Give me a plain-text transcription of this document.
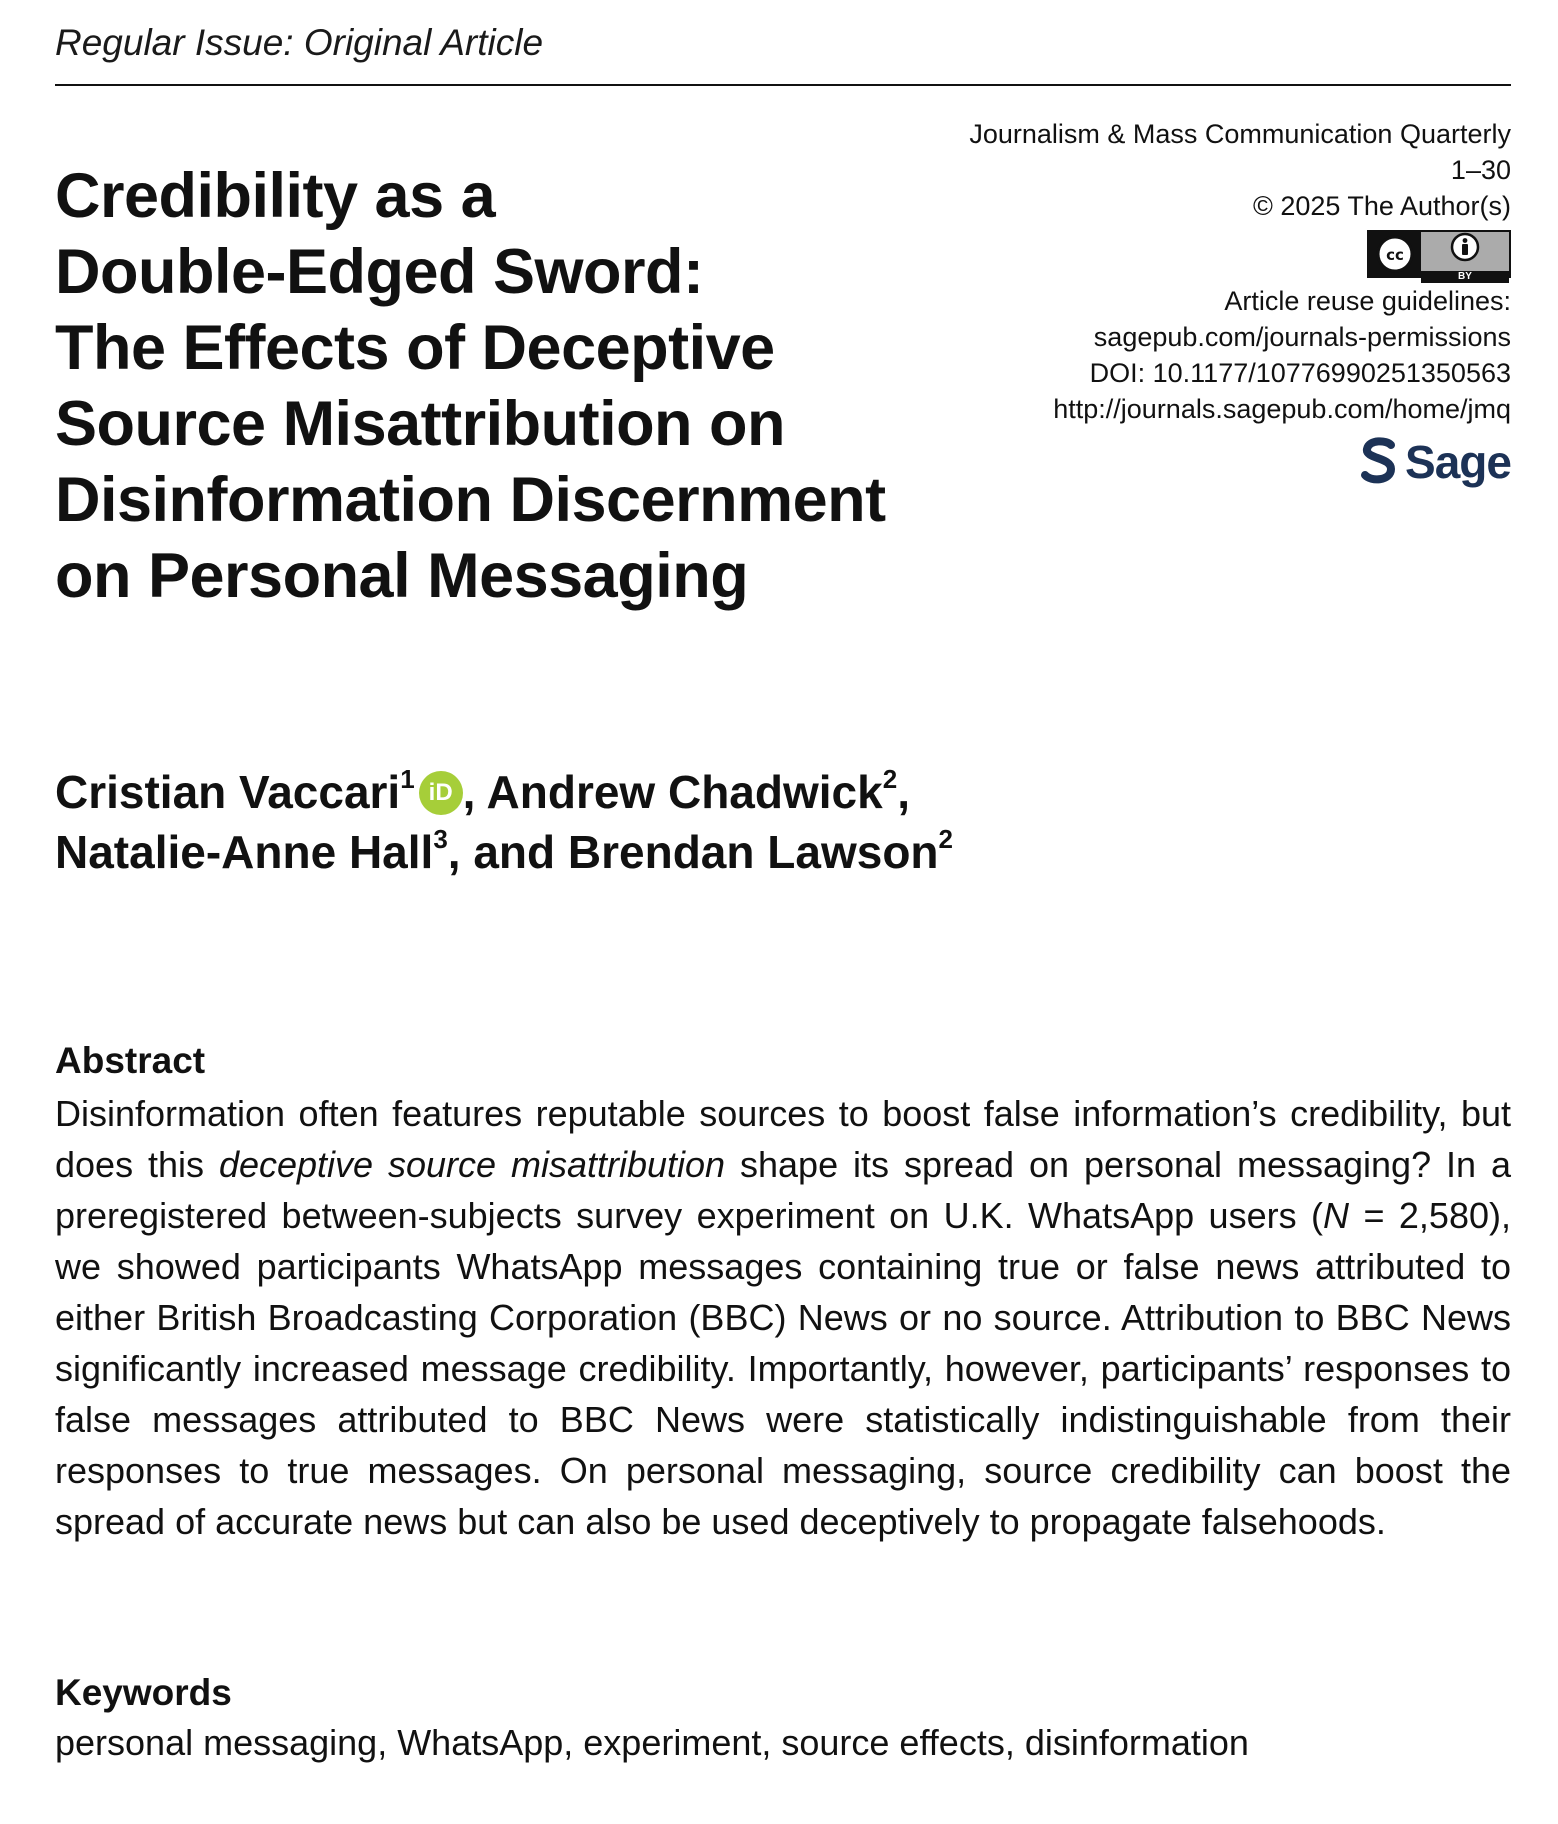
Regular Issue: Original Article
Journalism & Mass Communication Quarterly
1–30
© 2025 The Author(s)
cc
BY
Article reuse guidelines:
sagepub.com/journals-permissions
DOI: 10.1177/10776990251350563
http://journals.sagepub.com/home/jmq
Sage
Credibility as a
Double-Edged Sword:
The Effects of Deceptive
Source Misattribution on
Disinformation Discernment
on Personal Messaging
Cristian Vaccari$^1$ iD , Andrew Chadwick$^2$,
Natalie-Anne Hall$^3$, and Brendan Lawson$^2$
Abstract

Disinformation often features reputable sources to boost false information’s credibility, but does this deceptive source misattribution shape its spread on personal messaging? In a preregistered between-subjects survey experiment on U.K. WhatsApp users (N = 2,580), we showed participants WhatsApp messages containing true or false news attributed to either British Broadcasting Corporation (BBC) News or no source. Attribution to BBC News significantly increased message credibility. Importantly, however, participants’ responses to false messages attributed to BBC News were statistically indistinguishable from their responses to true messages. On personal messaging, source credibility can boost the spread of accurate news but can also be used deceptively to propagate falsehoods.

Keywords
personal messaging, WhatsApp, experiment, source effects, disinformation
